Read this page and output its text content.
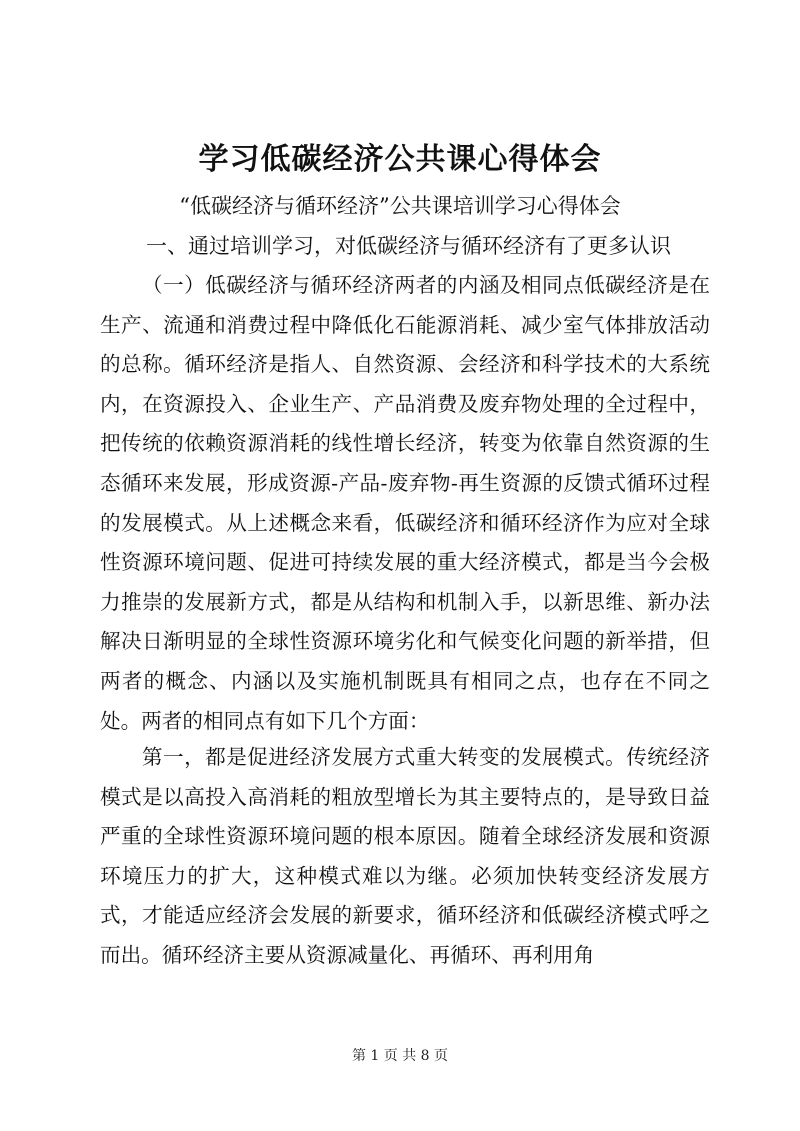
学习低碳经济公共课心得体会
“低碳经济与循环经济”公共课培训学习心得体会
一、通过培训学习，对低碳经济与循环经济有了更多认识

（一）低碳经济与循环经济两者的内涵及相同点低碳经济是在生产、流通和消费过程中降低化石能源消耗、减少室气体排放活动的总称。循环经济是指人、自然资源、会经济和科学技术的大系统内，在资源投入、企业生产、产品消费及废弃物处理的全过程中，把传统的依赖资源消耗的线性增长经济，转变为依靠自然资源的生态循环来发展，形成资源-产品-废弃物-再生资源的反馈式循环过程的发展模式。从上述概念来看，低碳经济和循环经济作为应对全球性资源环境问题、促进可持续发展的重大经济模式，都是当今会极力推崇的发展新方式，都是从结构和机制入手，以新思维、新办法解决日渐明显的全球性资源环境劣化和气候变化问题的新举措，但两者的概念、内涵以及实施机制既具有相同之点，也存在不同之处。两者的相同点有如下几个方面：

第一，都是促进经济发展方式重大转变的发展模式。传统经济模式是以高投入高消耗的粗放型增长为其主要特点的，是导致日益严重的全球性资源环境问题的根本原因。随着全球经济发展和资源环境压力的扩大，这种模式难以为继。必须加快转变经济发展方式，才能适应经济会发展的新要求，循环经济和低碳经济模式呼之而出。循环经济主要从资源减量化、再循环、再利用角

第 1 页 共 8 页
